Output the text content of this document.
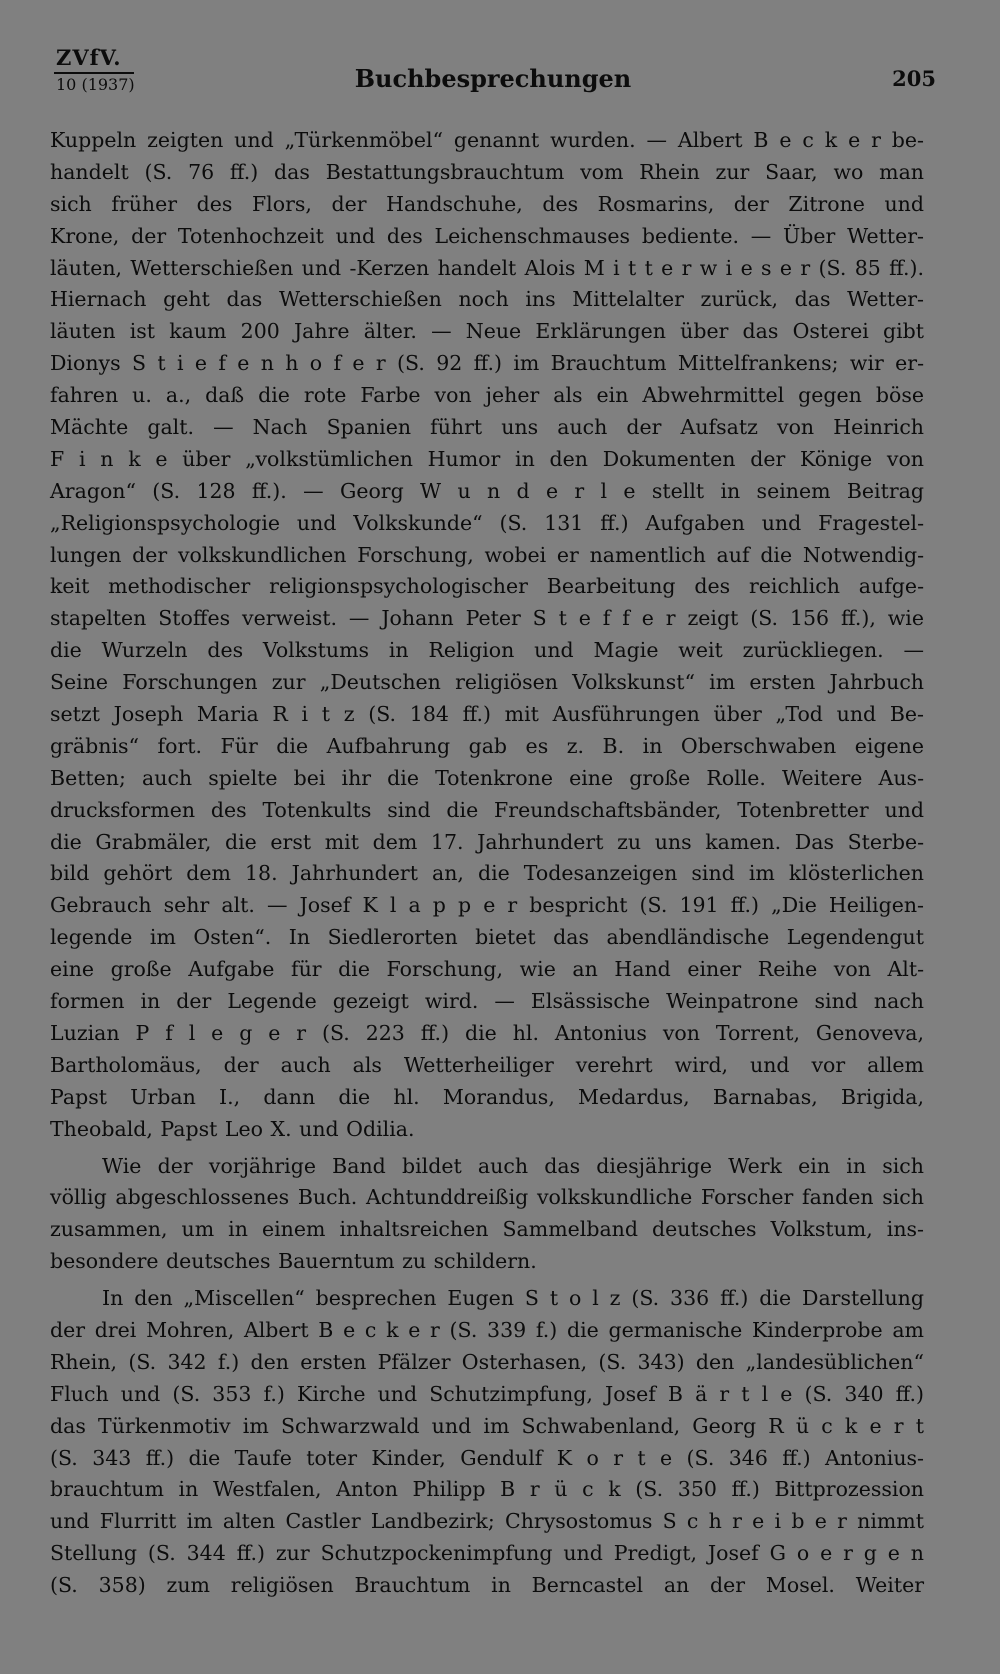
ZVfV.
10 (1937)	Buchbesprechungen	205
Kuppeln zeigten und „Türkenmöbel“ genannt wurden. — Albert B e c k e r be-
handelt (S. 76 ff.) das Bestattungsbrauchtum vom Rhein zur Saar, wo man
sich früher des Flors, der Handschuhe, des Rosmarins, der Zitrone und
Krone, der Totenhochzeit und des Leichenschmauses bediente. — Über Wetter-
läuten, Wetterschießen und -Kerzen handelt Alois M i t t e r w i e s e r (S. 85 ff.).
Hiernach geht das Wetterschießen noch ins Mittelalter zurück, das Wetter-
läuten ist kaum 200 Jahre älter. — Neue Erklärungen über das Osterei gibt
Dionys S t i e f e n h o f e r (S. 92 ff.) im Brauchtum Mittelfrankens; wir er-
fahren u. a., daß die rote Farbe von jeher als ein Abwehrmittel gegen böse
Mächte galt. — Nach Spanien führt uns auch der Aufsatz von Heinrich
F i n k e über „volkstümlichen Humor in den Dokumenten der Könige von
Aragon“ (S. 128 ff.). — Georg W u n d e r l e stellt in seinem Beitrag
„Religionspsychologie und Volkskunde“ (S. 131 ff.) Aufgaben und Fragestel-
lungen der volkskundlichen Forschung, wobei er namentlich auf die Notwendig-
keit methodischer religionspsychologischer Bearbeitung des reichlich aufge-
stapelten Stoffes verweist. — Johann Peter S t e f f e r zeigt (S. 156 ff.), wie
die Wurzeln des Volkstums in Religion und Magie weit zurückliegen. —
Seine Forschungen zur „Deutschen religiösen Volkskunst“ im ersten Jahrbuch
setzt Joseph Maria R i t z (S. 184 ff.) mit Ausführungen über „Tod und Be-
gräbnis“ fort. Für die Aufbahrung gab es z. B. in Oberschwaben eigene
Betten; auch spielte bei ihr die Totenkrone eine große Rolle. Weitere Aus-
drucksformen des Totenkults sind die Freundschaftsbänder, Totenbretter und
die Grabmäler, die erst mit dem 17. Jahrhundert zu uns kamen. Das Sterbe-
bild gehört dem 18. Jahrhundert an, die Todesanzeigen sind im klösterlichen
Gebrauch sehr alt. — Josef K l a p p e r bespricht (S. 191 ff.) „Die Heiligen-
legende im Osten“. In Siedlerorten bietet das abendländische Legendengut
eine große Aufgabe für die Forschung, wie an Hand einer Reihe von Alt-
formen in der Legende gezeigt wird. — Elsässische Weinpatrone sind nach
Luzian P f l e g e r (S. 223 ff.) die hl. Antonius von Torrent, Genoveva,
Bartholomäus, der auch als Wetterheiliger verehrt wird, und vor allem
Papst Urban I., dann die hl. Morandus, Medardus, Barnabas, Brigida,
Theobald, Papst Leo X. und Odilia.
Wie der vorjährige Band bildet auch das diesjährige Werk ein in sich
völlig abgeschlossenes Buch. Achtunddreißig volkskundliche Forscher fanden sich
zusammen, um in einem inhaltsreichen Sammelband deutsches Volkstum, ins-
besondere deutsches Bauerntum zu schildern.
In den „Miscellen“ besprechen Eugen S t o l z (S. 336 ff.) die Darstellung
der drei Mohren, Albert B e c k e r (S. 339 f.) die germanische Kinderprobe am
Rhein, (S. 342 f.) den ersten Pfälzer Osterhasen, (S. 343) den „landesüblichen“
Fluch und (S. 353 f.) Kirche und Schutzimpfung, Josef B ä r t l e (S. 340 ff.)
das Türkenmotiv im Schwarzwald und im Schwabenland, Georg R ü c k e r t
(S. 343 ff.) die Taufe toter Kinder, Gendulf K o r t e (S. 346 ff.) Antonius-
brauchtum in Westfalen, Anton Philipp B r ü c k (S. 350 ff.) Bittprozession
und Flurritt im alten Castler Landbezirk; Chrysostomus S c h r e i b e r nimmt
Stellung (S. 344 ff.) zur Schutzpockenimpfung und Predigt, Josef G o e r g e n
(S. 358) zum religiösen Brauchtum in Berncastel an der Mosel. Weiter
